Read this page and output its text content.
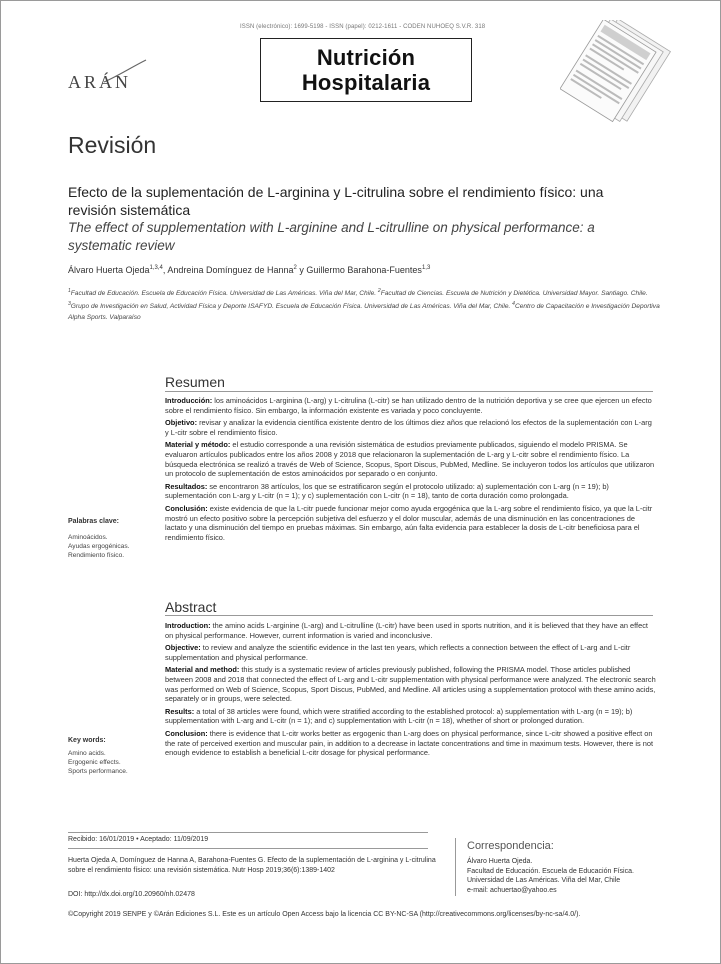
ISSN (electrónico): 1699-5198 - ISSN (papel): 0212-1611 - CODEN NUHOEQ S.V.R. 318
ARÁN
Nutrición
Hospitalaria
Revisión
Efecto de la suplementación de L-arginina y L-citrulina sobre el rendimiento físico: una revisión sistemática
The effect of supplementation with L-arginine and L-citrulline on physical performance: a systematic review
Álvaro Huerta Ojeda$^{1,3,4}$, Andreina Domínguez de Hanna$^2$ y Guillermo Barahona-Fuentes$^{1,3}$
$^1$Facultad de Educación. Escuela de Educación Física. Universidad de Las Américas. Viña del Mar, Chile. $^2$Facultad de Ciencias. Escuela de Nutrición y Dietética. Universidad Mayor. Santiago. Chile. $^3$Grupo de Investigación en Salud, Actividad Física y Deporte ISAFYD. Escuela de Educación Física. Universidad de Las Américas. Viña del Mar, Chile. $^4$Centro de Capacitación e Investigación Deportiva Alpha Sports. Valparaíso
Resumen

Introducción: los aminoácidos L-arginina (L-arg) y L-citrulina (L-citr) se han utilizado dentro de la nutrición deportiva y se cree que ejercen un efecto sobre el rendimiento físico. Sin embargo, la información existente es variada y poco concluyente.

Objetivo: revisar y analizar la evidencia científica existente dentro de los últimos diez años que relacionó los efectos de la suplementación con L-arg y L-citr sobre el rendimiento físico.

Material y método: el estudio corresponde a una revisión sistemática de estudios previamente publicados, siguiendo el modelo PRISMA. Se evaluaron artículos publicados entre los años 2008 y 2018 que relacionaron la suplementación de L-arg y L-citr sobre el rendimiento físico. La búsqueda electrónica se realizó a través de Web of Science, Scopus, Sport Discus, PubMed, Medline. Se incluyeron todos los artículos que utilizaron un protocolo de suplementación de estos aminoácidos por separado o en conjunto.

Resultados: se encontraron 38 artículos, los que se estratificaron según el protocolo utilizado: a) suplementación con L-arg (n = 19); b) suplementación con L-arg y L-citr (n = 1); y c) suplementación con L-citr (n = 18), tanto de corta duración como prolongada.

Conclusión: existe evidencia de que la L-citr puede funcionar mejor como ayuda ergogénica que la L-arg sobre el rendimiento físico, ya que la L-citr mostró un efecto positivo sobre la percepción subjetiva del esfuerzo y el dolor muscular, además de una disminución en las concentraciones de lactato y una disminución del tiempo en pruebas máximas. Sin embargo, aún falta evidencia para establecer la dosis de L-citr beneficiosa para el rendimiento físico.

Palabras clave:
Aminoácidos.
Ayudas ergogénicas.
Rendimiento físico.
Abstract

Introduction: the amino acids L-arginine (L-arg) and L-citrulline (L-citr) have been used in sports nutrition, and it is believed that they have an effect on physical performance. However, current information is varied and inconclusive.

Objective: to review and analyze the scientific evidence in the last ten years, which reflects a connection between the effect of L-arg and L-citr supplementation and physical performance.

Material and method: this study is a systematic review of articles previously published, following the PRISMA model. Those articles published between 2008 and 2018 that connected the effect of L-arg and L-citr supplementation with physical performance were analyzed. The electronic search was performed on Web of Science, Scopus, Sport Discus, PubMed, and Medline. All articles using a supplementation protocol with these amino acids, separately or in groups, were selected.

Results: a total of 38 articles were found, which were stratified according to the established protocol: a) supplementation with L-arg (n = 19); b) supplementation with L-arg and L-citr (n = 1); and c) supplementation with L-citr (n = 18), whether of short or prolonged duration.

Conclusion: there is evidence that L-citr works better as ergogenic than L-arg does on physical performance, since L-citr showed a positive effect on the rate of perceived exertion and muscular pain, in addition to a decrease in lactate concentrations and time in maximum tests. However, there is not enough evidence to establish a beneficial L-citr dosage for physical performance.

Key words:
Amino acids.
Ergogenic effects.
Sports performance.
Recibido: 16/01/2019 • Aceptado: 11/09/2019
Huerta Ojeda A, Domínguez de Hanna A, Barahona-Fuentes G. Efecto de la suplementación de L-arginina y L-citrulina sobre el rendimiento físico: una revisión sistemática. Nutr Hosp 2019;36(6):1389-1402
DOI: http://dx.doi.org/10.20960/nh.02478
Correspondencia:
Álvaro Huerta Ojeda.
Facultad de Educación. Escuela de Educación Física.
Universidad de Las Américas. Viña del Mar, Chile
e-mail: achuertao@yahoo.es
©Copyright 2019 SENPE y ©Arán Ediciones S.L. Este es un artículo Open Access bajo la licencia CC BY-NC-SA (http://creativecommons.org/licenses/by-nc-sa/4.0/).
